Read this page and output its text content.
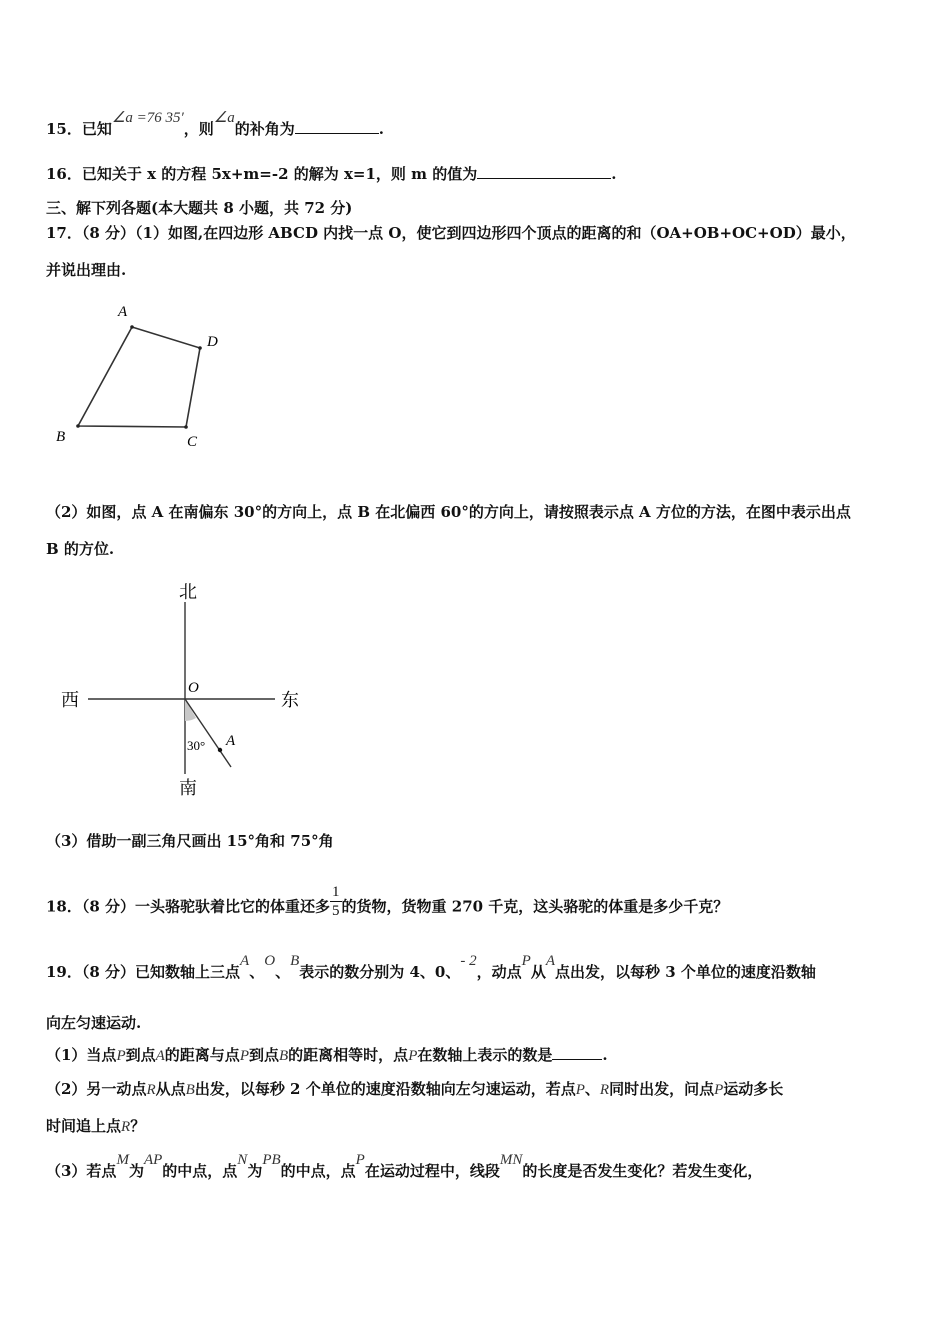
15．已知∠a =76 35′，则∠a的补角为	.
16．已知关于 x 的方程 5x+m=-2 的解为 x=1，则 m 的值为	.
三、解下列各题(本大题共 8 小题，共 72 分)
17．（8 分）（1）如图,在四边形 ABCD 内找一点 O，使它到四边形四个顶点的距离的和（OA+OB+OC+OD）最小，
并说出理由.
A
D
C
B
（2）如图，点 A 在南偏东 30°的方向上，点 B 在北偏西 60°的方向上，请按照表示点 A 方位的方法，在图中表示出点
B 的方位.
北
南
西	东
O
30° A
（3）借助一副三角尺画出 15°角和 75°角
18．（8 分）一头骆驼驮着比它的体重还多 $\frac{1}{5}$ 的货物，货物重 270 千克，这头骆驼的体重是多少千克？
19．（8 分）已知数轴上三点A、O、B表示的数分别为 4、0、- 2，动点P从A点出发，以每秒 3 个单位的速度沿数轴
向左匀速运动.
（1）当点P到点A的距离与点P到点B的距离相等时，点P在数轴上表示的数是	.
（2）另一动点R从点B出发，以每秒 2 个单位的速度沿数轴向左匀速运动，若点P、R同时出发，问点P运动多长
时间追上点R？
（3）若点M为AP的中点，点N为PB的中点，点P在运动过程中，线段MN的长度是否发生变化？若发生变化，
